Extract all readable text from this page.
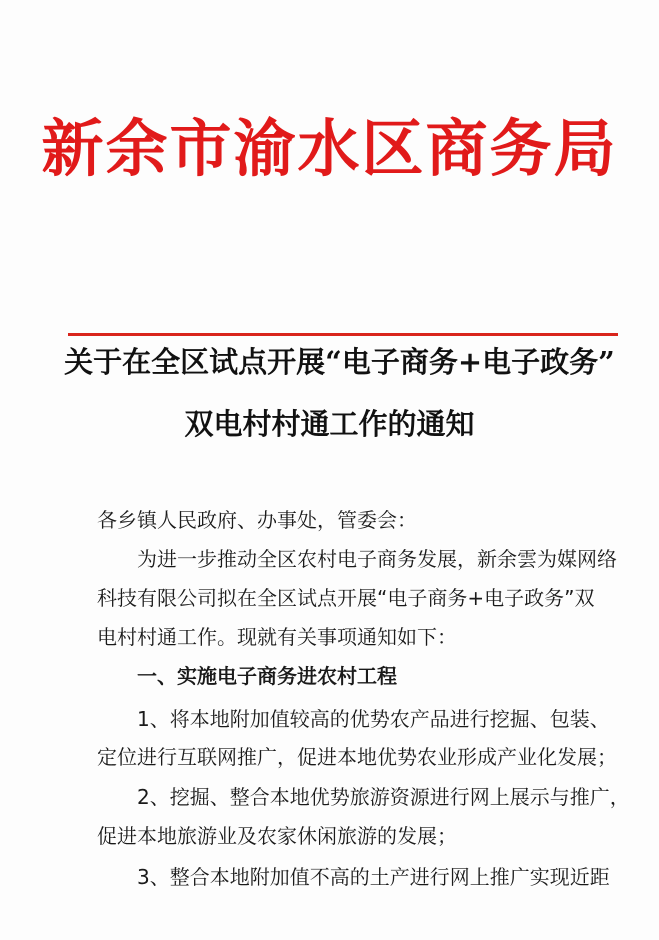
新余市渝水区商务局
关于在全区试点开展“电子商务+电子政务”
双电村村通工作的通知
各乡镇人民政府、办事处，管委会：
为进一步推动全区农村电子商务发展，新余雲为媒网络
科技有限公司拟在全区试点开展“电子商务+电子政务”双
电村村通工作。现就有关事项通知如下：
一、实施电子商务进农村工程
1、将本地附加值较高的优势农产品进行挖掘、包装、
定位进行互联网推广，促进本地优势农业形成产业化发展；
2、挖掘、整合本地优势旅游资源进行网上展示与推广，
促进本地旅游业及农家休闲旅游的发展；
3、整合本地附加值不高的土产进行网上推广实现近距
